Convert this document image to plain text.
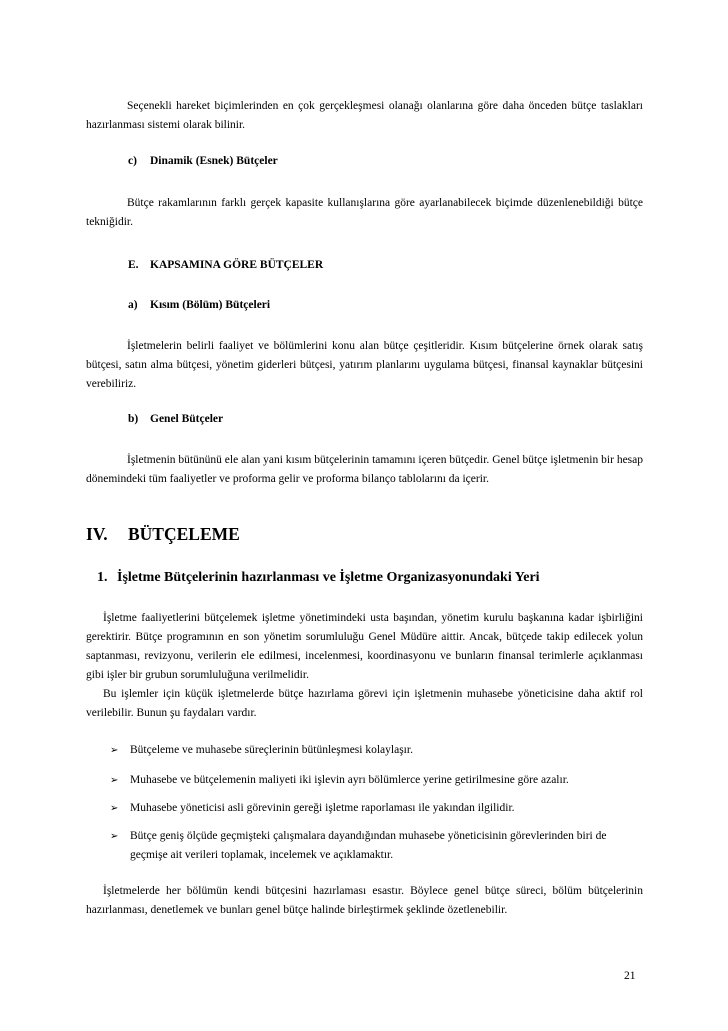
Seçenekli hareket biçimlerinden en çok gerçekleşmesi olanağı olanlarına göre daha önceden bütçe taslakları hazırlanması sistemi olarak bilinir.

c) Dinamik (Esnek) Bütçeler

Bütçe rakamlarının farklı gerçek kapasite kullanışlarına göre ayarlanabilecek biçimde düzenlenebildiği bütçe tekniğidir.

E. KAPSAMINA GÖRE BÜTÇELER

a) Kısım (Bölüm) Bütçeleri

İşletmelerin belirli faaliyet ve bölümlerini konu alan bütçe çeşitleridir. Kısım bütçelerine örnek olarak satış bütçesi, satın alma bütçesi, yönetim giderleri bütçesi, yatırım planlarını uygulama bütçesi, finansal kaynaklar bütçesini verebiliriz.

b) Genel Bütçeler

İşletmenin bütününü ele alan yani kısım bütçelerinin tamamını içeren bütçedir. Genel bütçe işletmenin bir hesap dönemindeki tüm faaliyetler ve proforma gelir ve proforma bilanço tablolarını da içerir.

IV. BÜTÇELEME
1. İşletme Bütçelerinin hazırlanması ve İşletme Organizasyonundaki Yeri

İşletme faaliyetlerini bütçelemek işletme yönetimindeki usta başından, yönetim kurulu başkanına kadar işbirliğini gerektirir. Bütçe programının en son yönetim sorumluluğu Genel Müdüre aittir. Ancak, bütçede takip edilecek yolun saptanması, revizyonu, verilerin ele edilmesi, incelenmesi, koordinasyonu ve bunların finansal terimlerle açıklanması gibi işler bir grubun sorumluluğuna verilmelidir.

Bu işlemler için küçük işletmelerde bütçe hazırlama görevi için işletmenin muhasebe yöneticisine daha aktif rol verilebilir. Bunun şu faydaları vardır.

➢ Bütçeleme ve muhasebe süreçlerinin bütünleşmesi kolaylaşır.
➢ Muhasebe ve bütçelemenin maliyeti iki işlevin ayrı bölümlerce yerine getirilmesine göre azalır.
➢ Muhasebe yöneticisi asli görevinin gereği işletme raporlaması ile yakından ilgilidir.
➢ Bütçe geniş ölçüde geçmişteki çalışmalara dayandığından muhasebe yöneticisinin görevlerinden biri de geçmişe ait verileri toplamak, incelemek ve açıklamaktır.

İşletmelerde her bölümün kendi bütçesini hazırlaması esastır. Böylece genel bütçe süreci, bölüm bütçelerinin hazırlanması, denetlemek ve bunları genel bütçe halinde birleştirmek şeklinde özetlenebilir.

21
